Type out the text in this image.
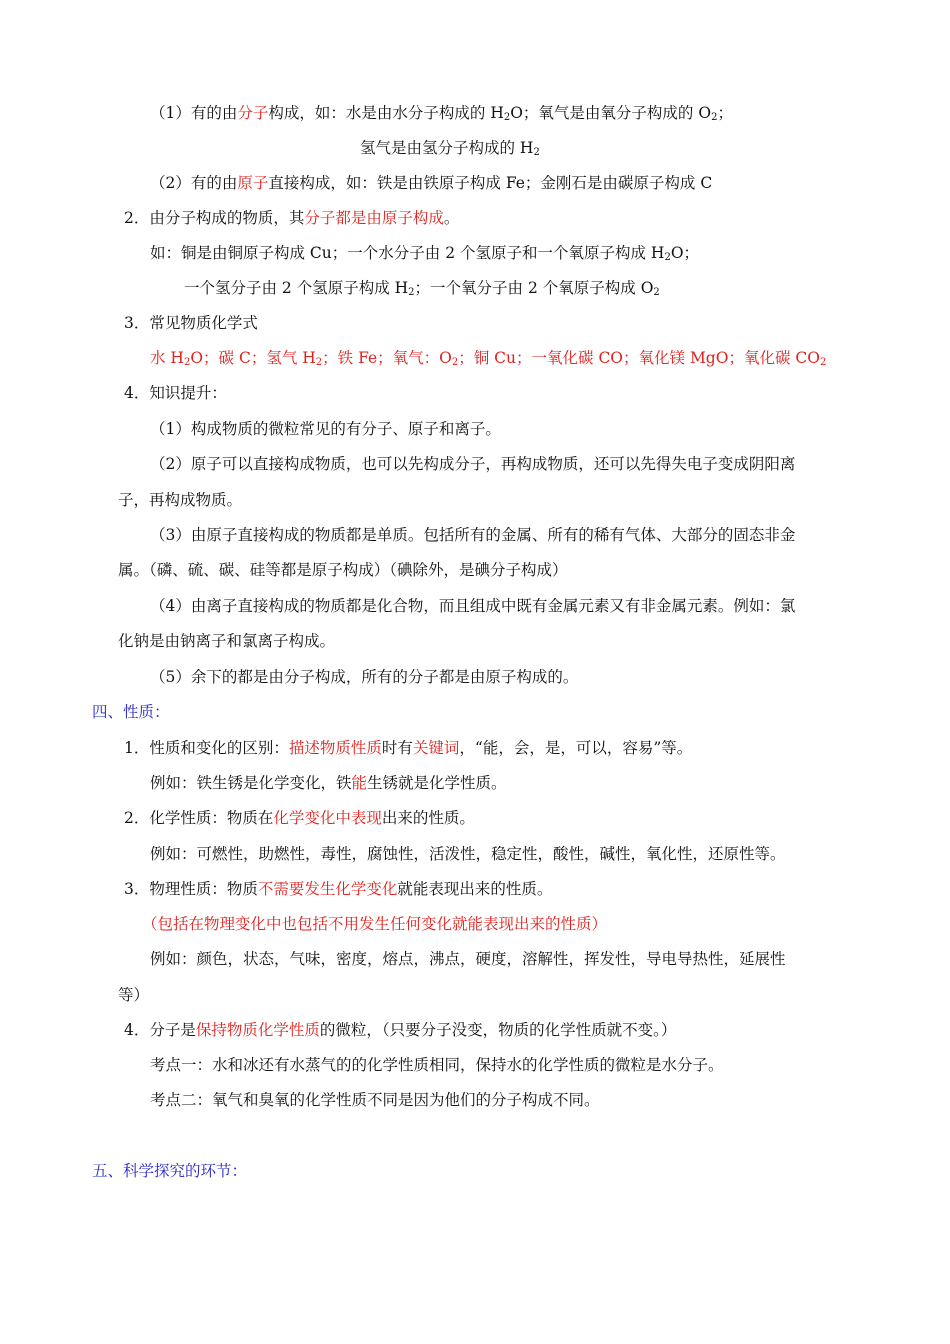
（1）有的由分子构成，如：水是由水分子构成的 $H_2O$；氧气是由氧分子构成的 $O_2$；
氢气是由氢分子构成的 $H_2$
（2）有的由原子直接构成，如：铁是由铁原子构成 Fe；金刚石是由碳原子构成 C
2．由分子构成的物质，其分子都是由原子构成。
如：铜是由铜原子构成 Cu；一个水分子由 2 个氢原子和一个氧原子构成 $H_2O$；
一个氢分子由 2 个氢原子构成 $H_2$；一个氧分子由 2 个氧原子构成 $O_2$
3．常见物质化学式
水 $H_2O$；碳 C；氢气 $H_2$；铁 Fe；氧气：$O_2$；铜 Cu；一氧化碳 CO；氧化镁 MgO；氧化碳 $CO_2$
4．知识提升：
（1）构成物质的微粒常见的有分子、原子和离子。
（2）原子可以直接构成物质，也可以先构成分子，再构成物质，还可以先得失电子变成阴阳离
子，再构成物质。
（3）由原子直接构成的物质都是单质。包括所有的金属、所有的稀有气体、大部分的固态非金
属。（磷、硫、碳、硅等都是原子构成）（碘除外，是碘分子构成）
（4）由离子直接构成的物质都是化合物，而且组成中既有金属元素又有非金属元素。例如：氯
化钠是由钠离子和氯离子构成。
（5）余下的都是由分子构成，所有的分子都是由原子构成的。
四、性质：
1．性质和变化的区别：描述物质性质时有关键词，“能，会，是，可以，容易”等。
例如：铁生锈是化学变化，铁能生锈就是化学性质。
2．化学性质：物质在化学变化中表现出来的性质。
例如：可燃性，助燃性，毒性，腐蚀性，活泼性，稳定性，酸性，碱性，氧化性，还原性等。
3．物理性质：物质不需要发生化学变化就能表现出来的性质。
（包括在物理变化中也包括不用发生任何变化就能表现出来的性质）
例如：颜色，状态，气味，密度，熔点，沸点，硬度，溶解性，挥发性，导电导热性，延展性
等）
4．分子是保持物质化学性质的微粒，（只要分子没变，物质的化学性质就不变。）
考点一：水和冰还有水蒸气的的化学性质相同，保持水的化学性质的微粒是水分子。
考点二：氧气和臭氧的化学性质不同是因为他们的分子构成不同。
五、科学探究的环节：
